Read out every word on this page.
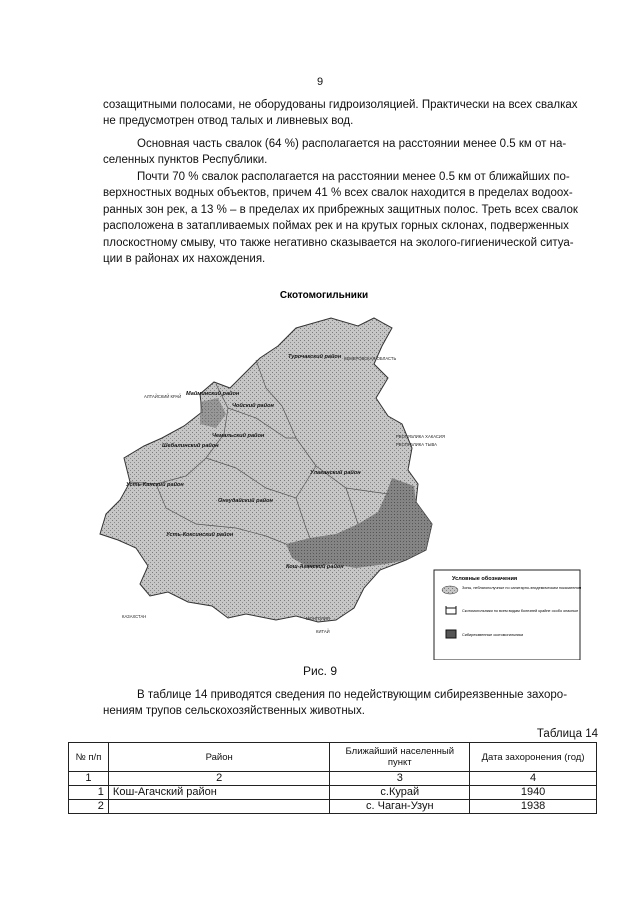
9
созащитными полосами, не оборудованы гидроизоляцией. Практически на всех свалках
не предусмотрен отвод талых и ливневых вод.
Основная часть свалок (64 %) располагается на расстоянии менее 0.5 км от на-
селенных пунктов Республики.
Почти 70 % свалок располагается на расстоянии менее 0.5 км от ближайших по-
верхностных водных объектов, причем 41 % всех свалок находится в пределах водоох-
ранных зон рек, а 13 % – в пределах их прибрежных защитных полос. Треть всех свалок
расположена в затапливаемых поймах рек и на крутых горных склонах, подверженных
плоскостному смыву, что также негативно сказывается на эколого-гигиенической ситуа-
ции в районах их нахождения.
Скотомогильники
Турочакский район
Майминский район
Чойский район
Чемальский район
Шебалинский район
Усть-Канский район
Онгудайский район
Улаганский район
Усть-Коксинский район
Кош-Агачский район
КЕМЕРОВСКАЯ ОБЛАСТЬ
АЛТАЙСКИЙ КРАЙ
РЕСПУБЛИКА ХАКАСИЯ
РЕСПУБЛИКА ТЫВА
КАЗАХСТАН	МОНГОЛИЯ
КИТАЙ
Условные обозначения
Зоны, неблагополучные по санитарно-эпидемическим показателям
Скотомогильники по всем видам болезней крайне особо опасные
Сибиреязвенные скотомогильники
Рис. 9
В таблице 14 приводятся сведения по недействующим сибиреязвенные захоро-
нениям трупов сельскохозяйственных животных.
Таблица 14
№ п/п	Район	Ближайший населенный пункт	Дата захоронения (год)
1	2	3	4
1	Кош-Агачский район	с.Курай	1940
2		с. Чаган-Узун	1938
